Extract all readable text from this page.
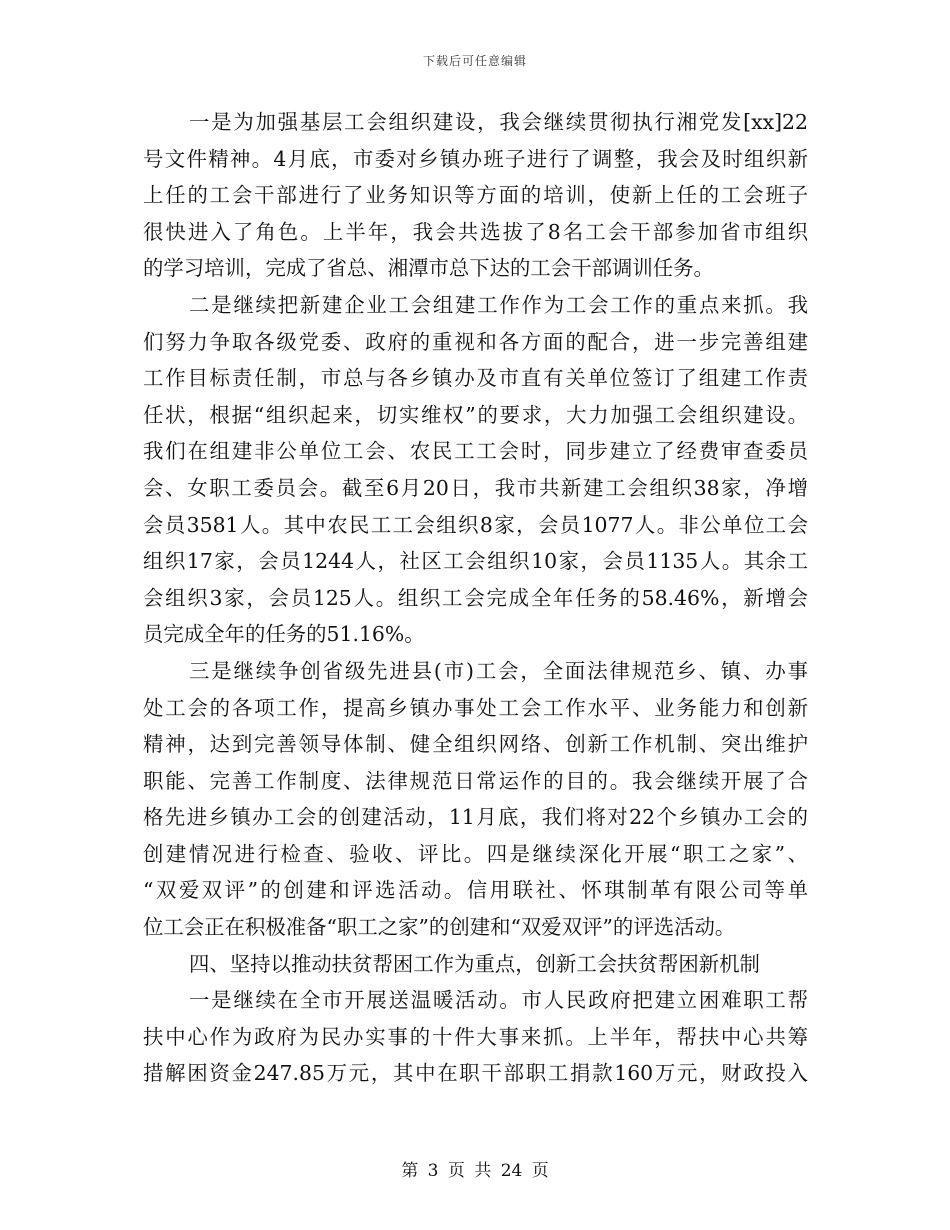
下载后可任意编辑
一是为加强基层工会组织建设，我会继续贯彻执行湘党发[xx]22
号文件精神。4月底，市委对乡镇办班子进行了调整，我会及时组织新
上任的工会干部进行了业务知识等方面的培训，使新上任的工会班子
很快进入了角色。上半年，我会共选拔了8名工会干部参加省市组织
的学习培训，完成了省总、湘潭市总下达的工会干部调训任务。
二是继续把新建企业工会组建工作作为工会工作的重点来抓。我
们努力争取各级党委、政府的重视和各方面的配合，进一步完善组建
工作目标责任制，市总与各乡镇办及市直有关单位签订了组建工作责
任状，根据“组织起来，切实维权”的要求，大力加强工会组织建设。
我们在组建非公单位工会、农民工工会时，同步建立了经费审查委员
会、女职工委员会。截至6月20日，我市共新建工会组织38家，净增
会员3581人。其中农民工工会组织8家，会员1077人。非公单位工会
组织17家，会员1244人，社区工会组织10家，会员1135人。其余工
会组织3家，会员125人。组织工会完成全年任务的58.46%，新增会
员完成全年的任务的51.16%。
三是继续争创省级先进县(市)工会，全面法律规范乡、镇、办事
处工会的各项工作，提高乡镇办事处工会工作水平、业务能力和创新
精神，达到完善领导体制、健全组织网络、创新工作机制、突出维护
职能、完善工作制度、法律规范日常运作的目的。我会继续开展了合
格先进乡镇办工会的创建活动，11月底，我们将对22个乡镇办工会的
创建情况进行检查、验收、评比。四是继续深化开展“职工之家”、
“双爱双评”的创建和评选活动。信用联社、怀琪制革有限公司等单
位工会正在积极准备“职工之家”的创建和“双爱双评”的评选活动。
四、坚持以推动扶贫帮困工作为重点，创新工会扶贫帮困新机制
一是继续在全市开展送温暖活动。市人民政府把建立困难职工帮
扶中心作为政府为民办实事的十件大事来抓。上半年，帮扶中心共筹
措解困资金247.85万元，其中在职干部职工捐款160万元，财政投入
第 3 页 共 24 页
